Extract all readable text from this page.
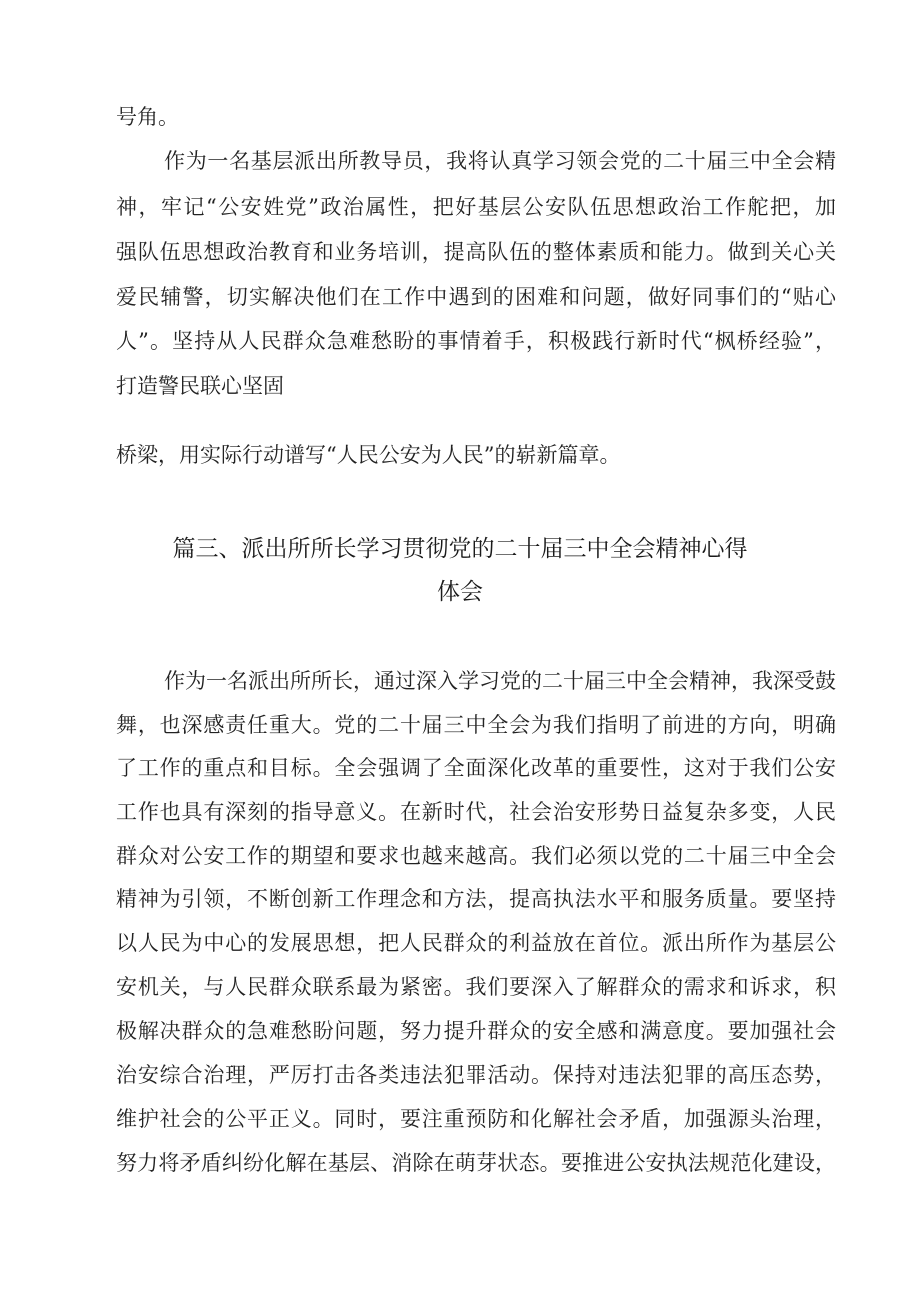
号角。
作为一名基层派出所教导员，我将认真学习领会党的二十届三中全会精
神，牢记“公安姓党”政治属性，把好基层公安队伍思想政治工作舵把，加
强队伍思想政治教育和业务培训，提高队伍的整体素质和能力。做到关心关
爱民辅警，切实解决他们在工作中遇到的困难和问题，做好同事们的“贴心
人”。坚持从人民群众急难愁盼的事情着手，积极践行新时代“枫桥经验”，
打造警民联心坚固
桥梁，用实际行动谱写“人民公安为人民”的崭新篇章。
篇三、派出所所长学习贯彻党的二十届三中全会精神心得
体会
作为一名派出所所长，通过深入学习党的二十届三中全会精神，我深受鼓
舞，也深感责任重大。党的二十届三中全会为我们指明了前进的方向，明确
了工作的重点和目标。全会强调了全面深化改革的重要性，这对于我们公安
工作也具有深刻的指导意义。在新时代，社会治安形势日益复杂多变，人民
群众对公安工作的期望和要求也越来越高。我们必须以党的二十届三中全会
精神为引领，不断创新工作理念和方法，提高执法水平和服务质量。要坚持
以人民为中心的发展思想，把人民群众的利益放在首位。派出所作为基层公
安机关，与人民群众联系最为紧密。我们要深入了解群众的需求和诉求，积
极解决群众的急难愁盼问题，努力提升群众的安全感和满意度。要加强社会
治安综合治理，严厉打击各类违法犯罪活动。保持对违法犯罪的高压态势，
维护社会的公平正义。同时，要注重预防和化解社会矛盾，加强源头治理，
努力将矛盾纠纷化解在基层、消除在萌芽状态。要推进公安执法规范化建设，
